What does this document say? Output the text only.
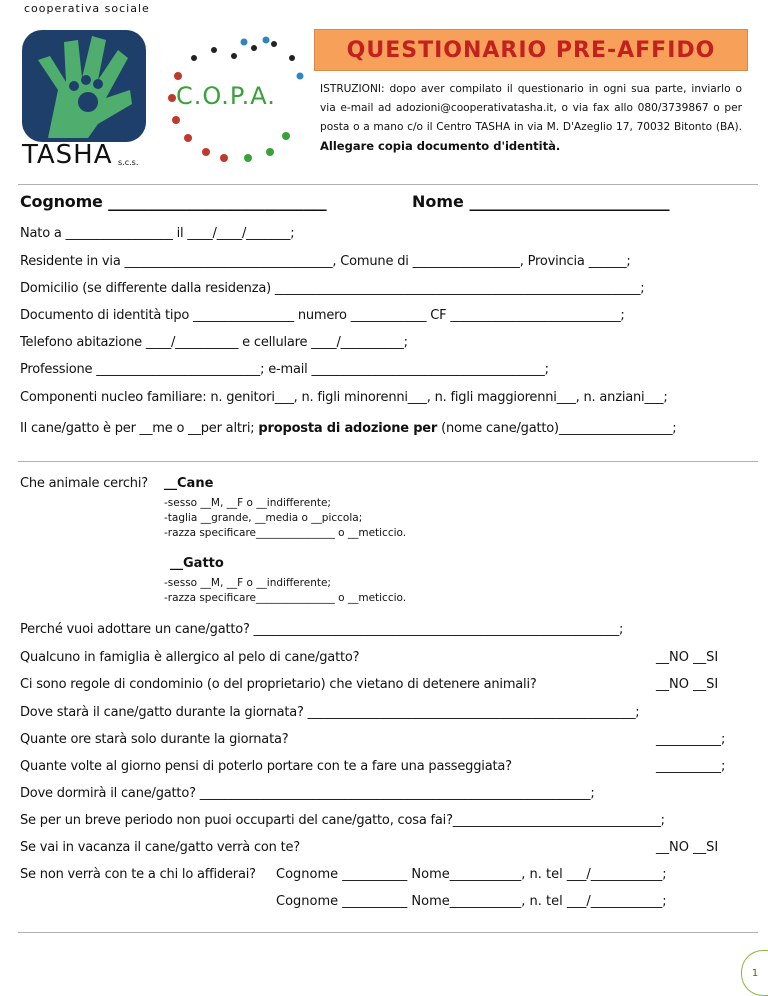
cooperativa sociale
TASHA s.c.s.
C.O.P.A.
QUESTIONARIO PRE-AFFIDO
ISTRUZIONI: dopo aver compilato il questionario in ogni sua parte, inviarlo o via e-mail ad adozioni@cooperativatasha.it, o via fax allo 080/3739867 o per posta o a mano c/o il Centro TASHA in via M. D'Azeglio 17, 70032 Bitonto (BA). Allegare copia documento d'identità.
Cognome ____________________________	Nome _________________________
Nato a _________________ il ____/____/_______;
Residente in via _________________________________, Comune di _________________, Provincia ______;
Domicilio (se differente dalla residenza) __________________________________________________________;
Documento di identità tipo ________________ numero ____________ CF ___________________________;
Telefono abitazione ____/__________ e cellulare ____/__________;
Professione __________________________; e-mail _____________________________________;
Componenti nucleo familiare: n. genitori___, n. figli minorenni___, n. figli maggiorenni___, n. anziani___;
Il cane/gatto è per __me o __per altri; proposta di adozione per (nome cane/gatto)__________________;
Che animale cerchi? __Cane
-sesso __M, __F o __indifferente;
-taglia __grande, __media o __piccola;
-razza specificare_______________ o __meticcio.
__Gatto
-sesso __M, __F o __indifferente;
-razza specificare_______________ o __meticcio.
Perché vuoi adottare un cane/gatto? __________________________________________________________;
Qualcuno in famiglia è allergico al pelo di cane/gatto?	__NO __SI
Ci sono regole di condominio (o del proprietario) che vietano di detenere animali?	__NO __SI
Dove starà il cane/gatto durante la giornata? ____________________________________________________;
Quante ore starà solo durante la giornata?	__________;
Quante volte al giorno pensi di poterlo portare con te a fare una passeggiata?	__________;
Dove dormirà il cane/gatto? ______________________________________________________________;
Se per un breve periodo non puoi occuparti del cane/gatto, cosa fai?_________________________________;
Se vai in vacanza il cane/gatto verrà con te?	__NO __SI
Se non verrà con te a chi lo affiderai? Cognome __________ Nome___________, n. tel ___/___________;
Cognome __________ Nome___________, n. tel ___/___________;
1
